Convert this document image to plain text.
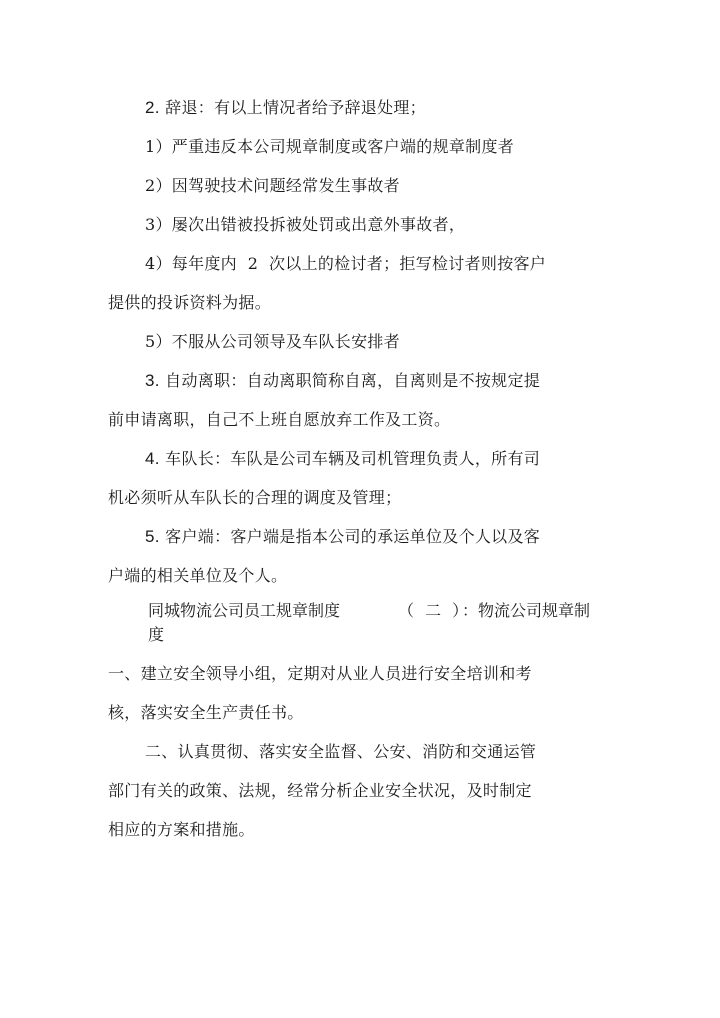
2. 辞退：有以上情况者给予辞退处理；
1）严重违反本公司规章制度或客户端的规章制度者
2）因驾驶技术问题经常发生事故者
3）屡次出错被投拆被处罚或出意外事故者，
4）每年度内  2  次以上的检讨者；拒写检讨者则按客户
提供的投诉资料为据。
5）不服从公司领导及车队长安排者
3. 自动离职：自动离职简称自离，自离则是不按规定提
前申请离职，自己不上班自愿放弃工作及工资。
4. 车队长：车队是公司车辆及司机管理负责人，所有司
机必须听从车队长的合理的调度及管理；
5. 客户端：客户端是指本公司的承运单位及个人以及客
户端的相关单位及个人。
同城物流公司员工规章制度	（ 二 ）
：物流公司规章制
度
一、建立安全领导小组，定期对从业人员进行安全培训和考
核，落实安全生产责任书。
二、认真贯彻、落实安全监督、公安、消防和交通运管
部门有关的政策、法规，经常分析企业安全状况，及时制定
相应的方案和措施。
